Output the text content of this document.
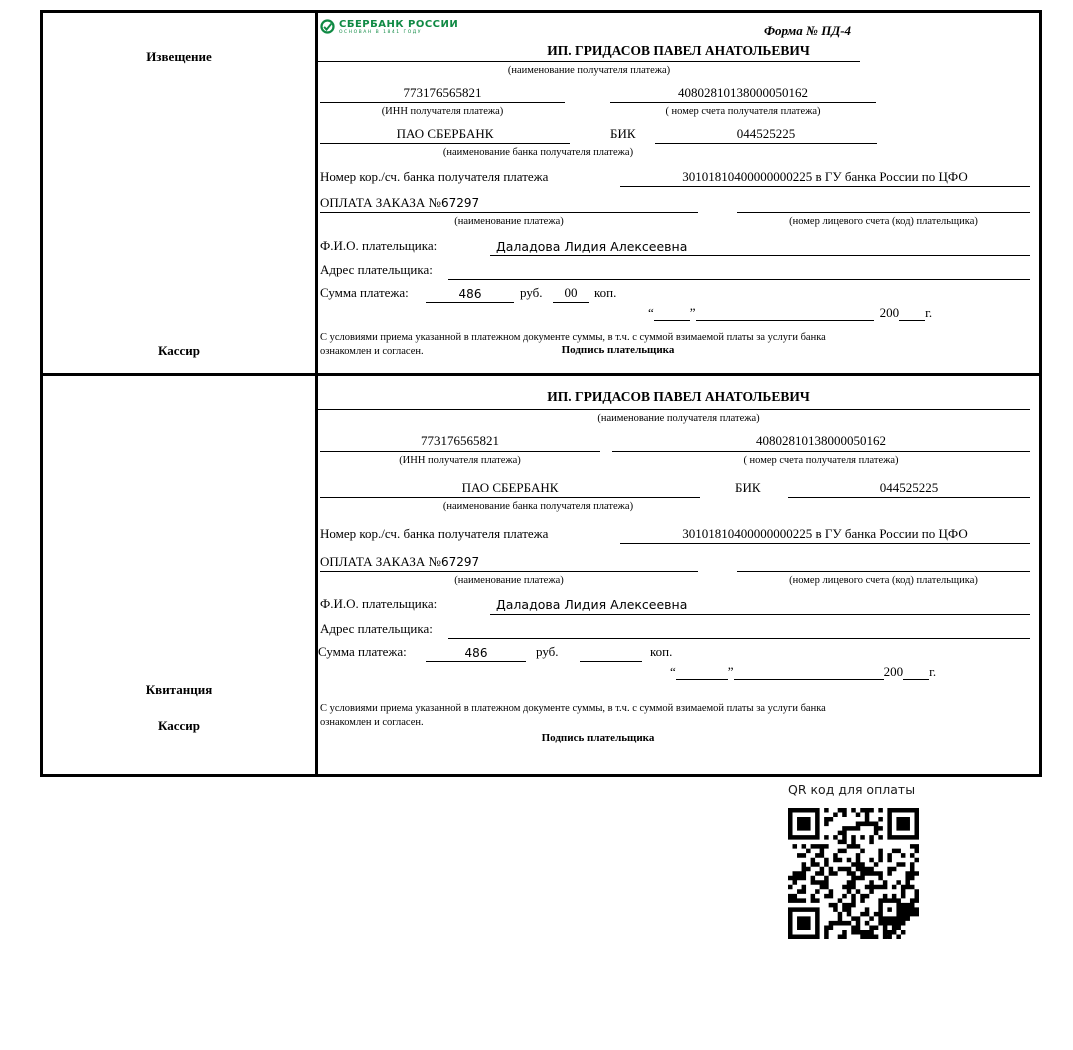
Извещение
Кассир
СБЕРБАНК РОССИИ
ОСНОВАН В 1841 ГОДУ	Форма № ПД-4
ИП. ГРИДАСОВ ПАВЕЛ АНАТОЛЬЕВИЧ
(наименование получателя платежа)
773176565821	40802810138000050162
(ИНН получателя платежа)	( номер счета получателя платежа)
ПАО СБЕРБАНК	БИК	044525225
(наименование банка получателя платежа)
Номер кор./сч. банка получателя платежа	30101810400000000225 в ГУ банка России по ЦФО
ОПЛАТА ЗАКАЗА №67297
(наименование платежа)	(номер лицевого счета (код) плательщика)
Ф.И.О. плательщика:	Даладова Лидия Алексеевна
Адрес плательщика:
Сумма платежа:	486	руб.	00	коп.
“	”	200 г.
С условиями приема указанной в платежном документе суммы, в т.ч. с суммой взимаемой платы за услуги банка
ознакомлен и согласен.	Подпись плательщика
Квитанция
Кассир
ИП. ГРИДАСОВ ПАВЕЛ АНАТОЛЬЕВИЧ
(наименование получателя платежа)
773176565821	40802810138000050162
(ИНН получателя платежа)	( номер счета получателя платежа)
ПАО СБЕРБАНК	БИК	044525225
(наименование банка получателя платежа)
Номер кор./сч. банка получателя платежа	30101810400000000225 в ГУ банка России по ЦФО
ОПЛАТА ЗАКАЗА №67297
(наименование платежа)	(номер лицевого счета (код) плательщика)
Ф.И.О. плательщика:	Даладова Лидия Алексеевна
Адрес плательщика:
Сумма платежа:	486	руб.	коп.
“	”	200 г.
С условиями приема указанной в платежном документе суммы, в т.ч. с суммой взимаемой платы за услуги банка
ознакомлен и согласен.
Подпись плательщика
QR код для оплаты
